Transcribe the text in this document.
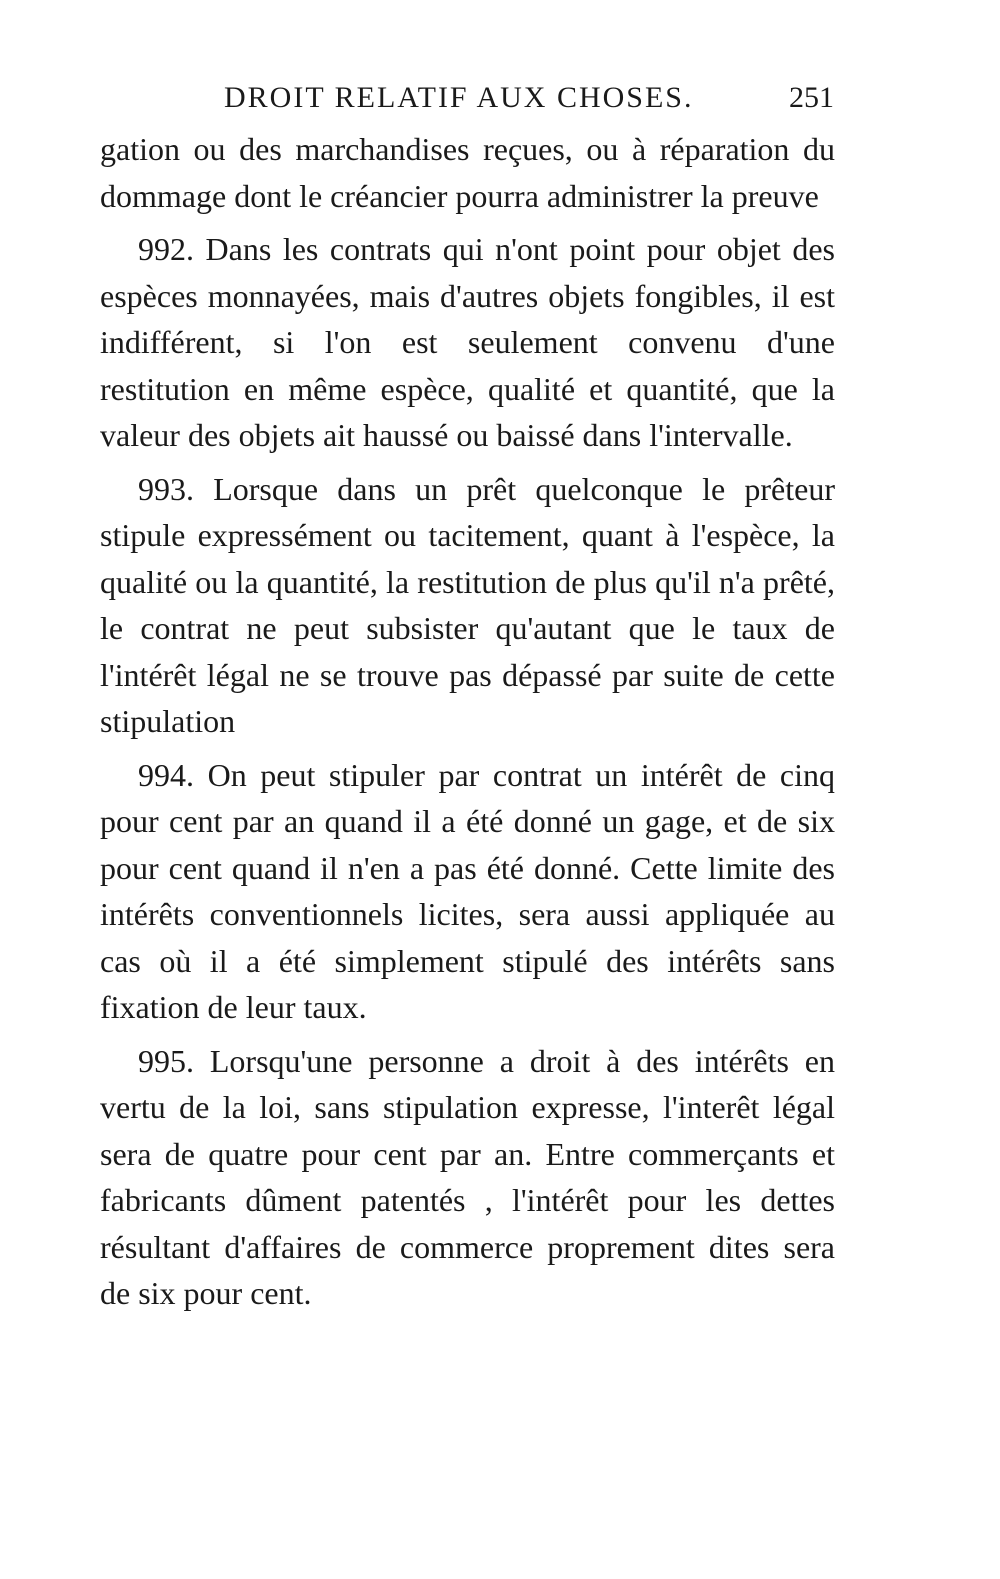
DROIT RELATIF AUX CHOSES.	251

gation ou des marchandises reçues, ou à réparation du dommage dont le créancier pourra administrer la preuve

992. Dans les contrats qui n'ont point pour objet des espèces monnayées, mais d'autres objets fongibles, il est indifférent, si l'on est seulement convenu d'une restitution en même espèce, qualité et quantité, que la valeur des objets ait haussé ou baissé dans l'intervalle.

993. Lorsque dans un prêt quelconque le prêteur stipule expressément ou tacitement, quant à l'espèce, la qualité ou la quantité, la restitution de plus qu'il n'a prêté, le contrat ne peut subsister qu'autant que le taux de l'intérêt légal ne se trouve pas dépassé par suite de cette stipulation

994. On peut stipuler par contrat un intérêt de cinq pour cent par an quand il a été donné un gage, et de six pour cent quand il n'en a pas été donné. Cette limite des intérêts conventionnels licites, sera aussi appliquée au cas où il a été simplement stipulé des intérêts sans fixation de leur taux.

995. Lorsqu'une personne a droit à des intérêts en vertu de la loi, sans stipulation expresse, l'interêt légal sera de quatre pour cent par an. Entre commerçants et fabricants dûment patentés , l'intérêt pour les dettes résultant d'affaires de commerce proprement dites sera de six pour cent.
